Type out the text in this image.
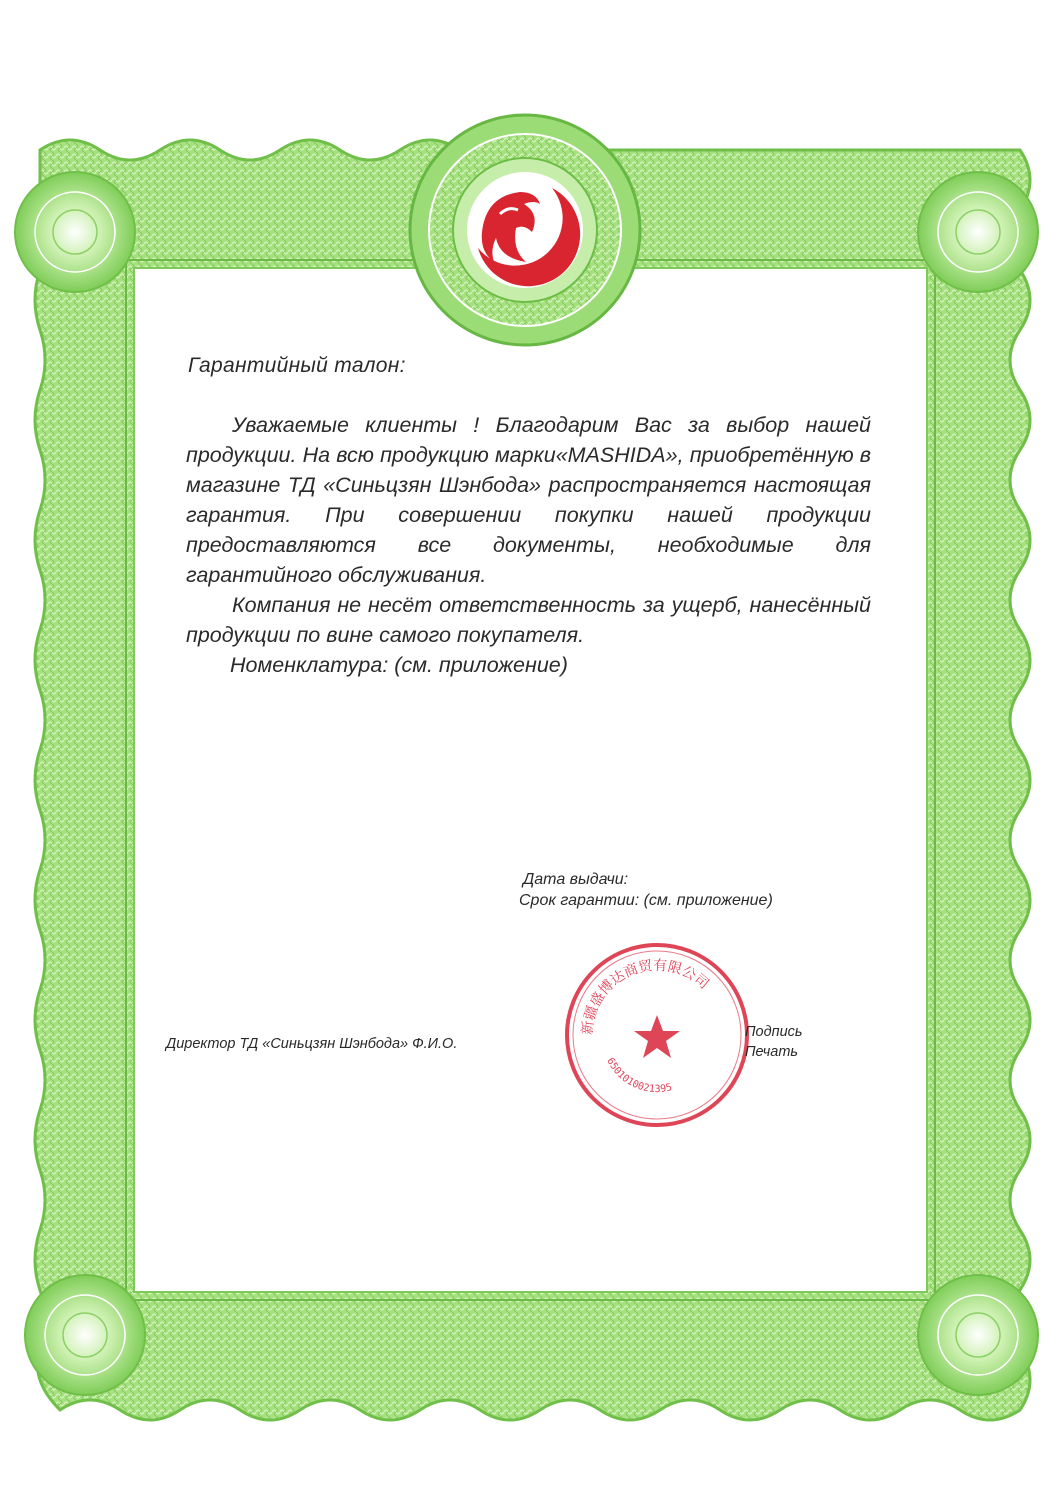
Гарантийный талон:

Уважаемые клиенты ! Благодарим Вас за выбор нашей продукции. На всю продукцию марки«MASHIDA», приобретённую в магазине ТД «Синьцзян Шэнбода» распространяется настоящая гарантия. При совершении покупки нашей продукции предоставляются все документы, необходимые для гарантийного обслуживания.

Компания не несёт ответственность за ущерб, нанесённый продукции по вине самого покупателя.

Номенклатура: (см. приложение)

Дата выдачи:
Срок гарантии: (см. приложение)
新疆盛博达商贸有限公司
6501010021395
Директор ТД «Синьцзян Шэнбода» Ф.И.О.
Подпись
Печать
